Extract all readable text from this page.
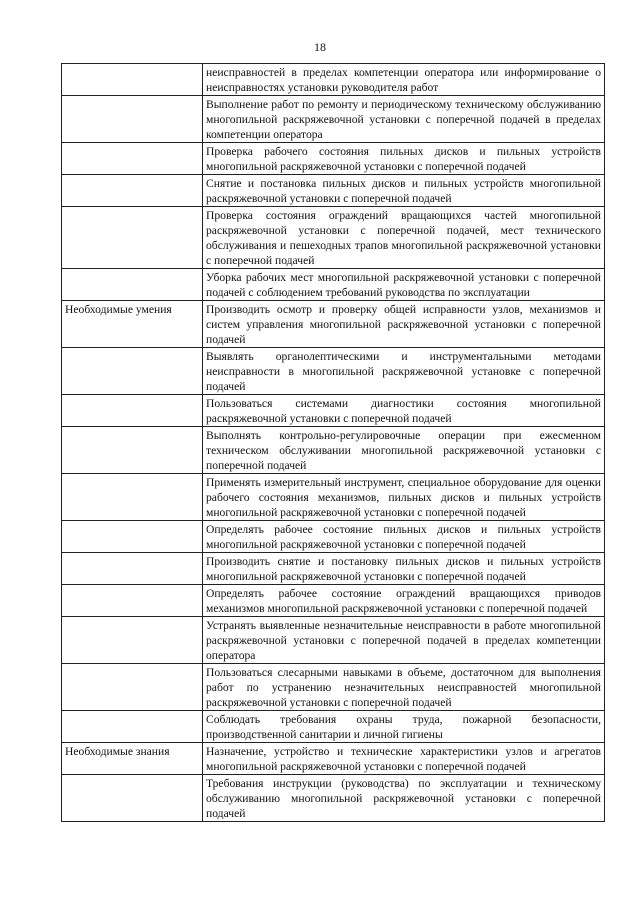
18
	неисправностей в пределах компетенции оператора или информирование о неисправностях установки руководителя работ
	Выполнение работ по ремонту и периодическому техническому обслуживанию многопильной раскряжевочной установки с поперечной подачей в пределах компетенции оператора
	Проверка рабочего состояния пильных дисков и пильных устройств многопильной раскряжевочной установки с поперечной подачей
	Снятие и постановка пильных дисков и пильных устройств многопильной раскряжевочной установки с поперечной подачей
	Проверка состояния ограждений вращающихся частей многопильной раскряжевочной установки с поперечной подачей, мест технического обслуживания и пешеходных трапов многопильной раскряжевочной установки с поперечной подачей
	Уборка рабочих мест многопильной раскряжевочной установки с поперечной подачей с соблюдением требований руководства по эксплуатации
Необходимые умения	Производить осмотр и проверку общей исправности узлов, механизмов и систем управления многопильной раскряжевочной установки с поперечной подачей
	Выявлять органолептическими и инструментальными методами неисправности в многопильной раскряжевочной установке с поперечной подачей
	Пользоваться системами диагностики состояния многопильной раскряжевочной установки с поперечной подачей
	Выполнять контрольно-регулировочные операции при ежесменном техническом обслуживании многопильной раскряжевочной установки с поперечной подачей
	Применять измерительный инструмент, специальное оборудование для оценки рабочего состояния механизмов, пильных дисков и пильных устройств многопильной раскряжевочной установки с поперечной подачей
	Определять рабочее состояние пильных дисков и пильных устройств многопильной раскряжевочной установки с поперечной подачей
	Производить снятие и постановку пильных дисков и пильных устройств многопильной раскряжевочной установки с поперечной подачей
	Определять рабочее состояние ограждений вращающихся приводов механизмов многопильной раскряжевочной установки с поперечной подачей
	Устранять выявленные незначительные неисправности в работе многопильной раскряжевочной установки с поперечной подачей в пределах компетенции оператора
	Пользоваться слесарными навыками в объеме, достаточном для выполнения работ по устранению незначительных неисправностей многопильной раскряжевочной установки с поперечной подачей
	Соблюдать требования охраны труда, пожарной безопасности, производственной санитарии и личной гигиены
Необходимые знания	Назначение, устройство и технические характеристики узлов и агрегатов многопильной раскряжевочной установки с поперечной подачей
	Требования инструкции (руководства) по эксплуатации и техническому обслуживанию многопильной раскряжевочной установки с поперечной подачей
